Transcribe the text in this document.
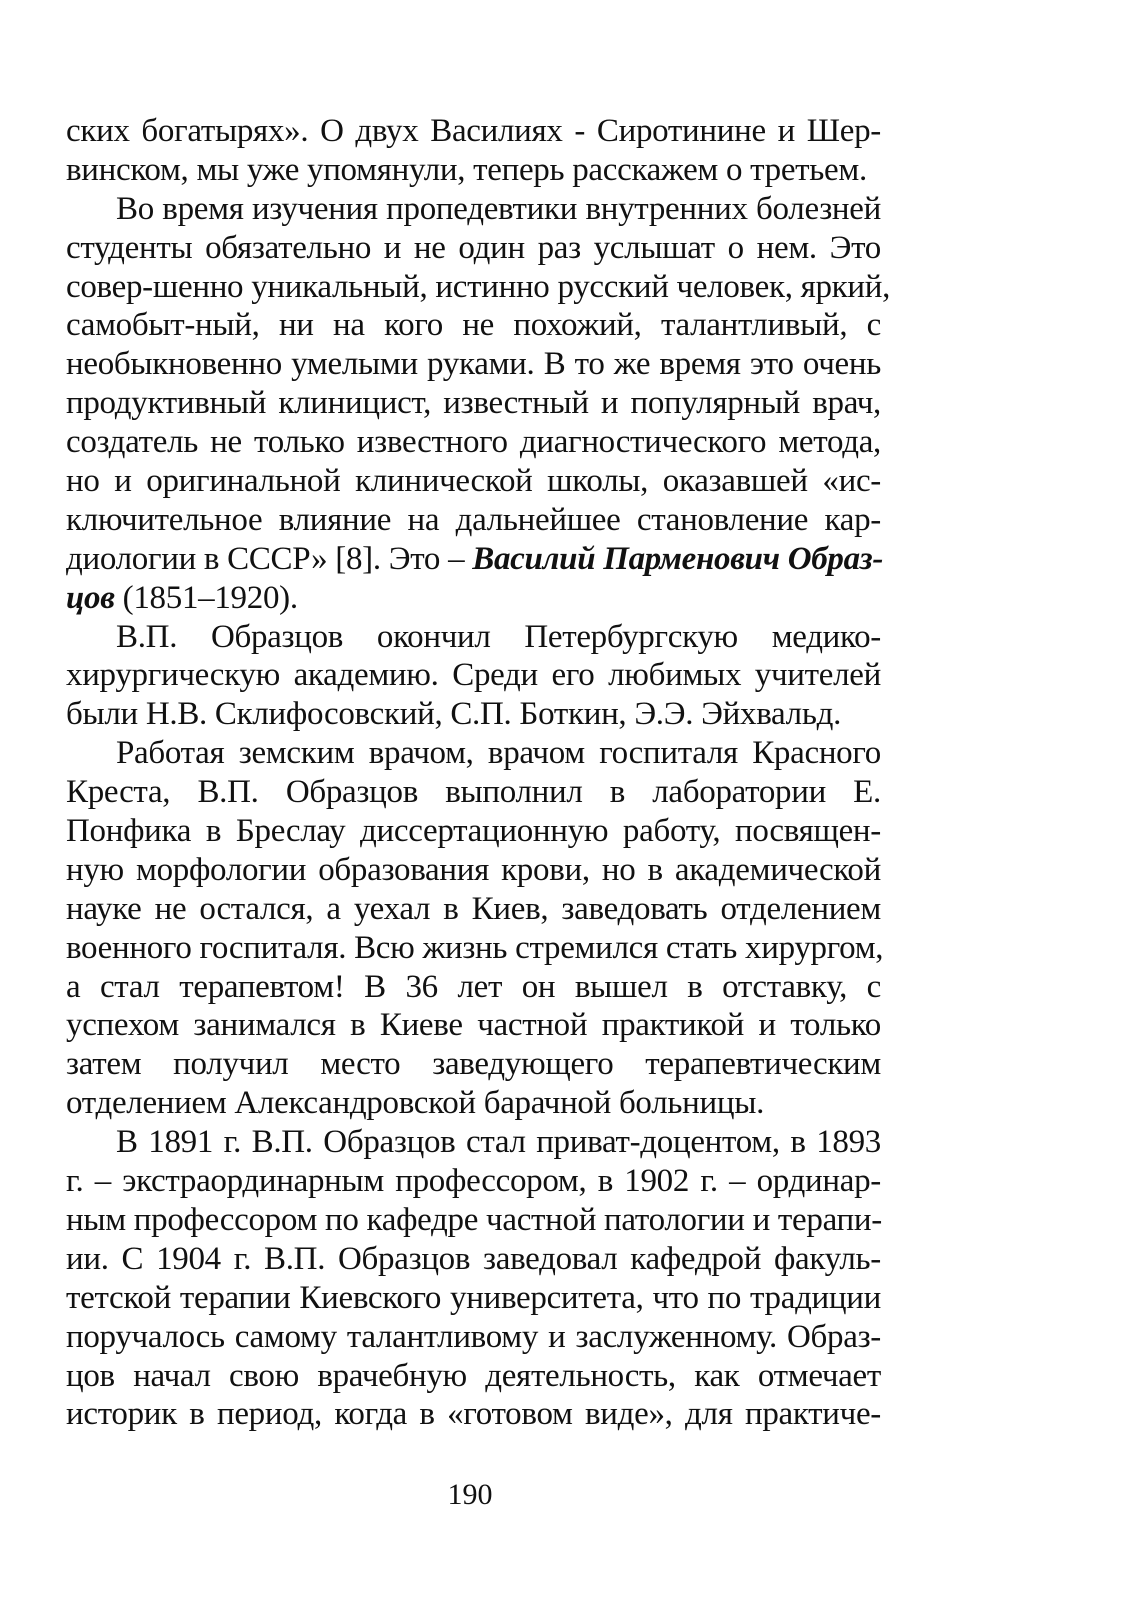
ских богатырях». О двух Василиях - Сиротинине и Шер-
винском, мы уже упомянули, теперь расскажем о третьем.
Во время изучения пропедевтики внутренних болезней
студенты обязательно и не один раз услышат о нем. Это
совер-шенно уникальный, истинно русский человек, яркий,
самобыт-ный, ни на кого не похожий, талантливый, с
необыкновенно умелыми руками. В то же время это очень
продуктивный клиницист, известный и популярный врач,
создатель не только известного диагностического метода,
но и оригинальной клинической школы, оказавшей «ис-
ключительное влияние на дальнейшее становление кар-
диологии в СССР» [8]. Это – Василий Парменович Образ-
цов (1851–1920).
В.П. Образцов окончил Петербургскую медико-
хирургическую академию. Среди его любимых учителей
были Н.В. Склифосовский, С.П. Боткин, Э.Э. Эйхвальд.
Работая земским врачом, врачом госпиталя Красного
Креста, В.П. Образцов выполнил в лаборатории Е.
Понфика в Бреслау диссертационную работу, посвящен-
ную морфологии образования крови, но в академической
науке не остался, а уехал в Киев, заведовать отделением
военного госпиталя. Всю жизнь стремился стать хирургом,
а стал терапевтом! В 36 лет он вышел в отставку, с
успехом занимался в Киеве частной практикой и только
затем получил место заведующего терапевтическим
отделением Александровской барачной больницы.
В 1891 г. В.П. Образцов стал приват-доцентом, в 1893
г. – экстраординарным профессором, в 1902 г. – ординар-
ным профессором по кафедре частной патологии и терапи-
ии. С 1904 г. В.П. Образцов заведовал кафедрой факуль-
тетской терапии Киевского университета, что по традиции
поручалось самому талантливому и заслуженному. Образ-
цов начал свою врачебную деятельность, как отмечает
историк в период, когда в «готовом виде», для практиче-
190
